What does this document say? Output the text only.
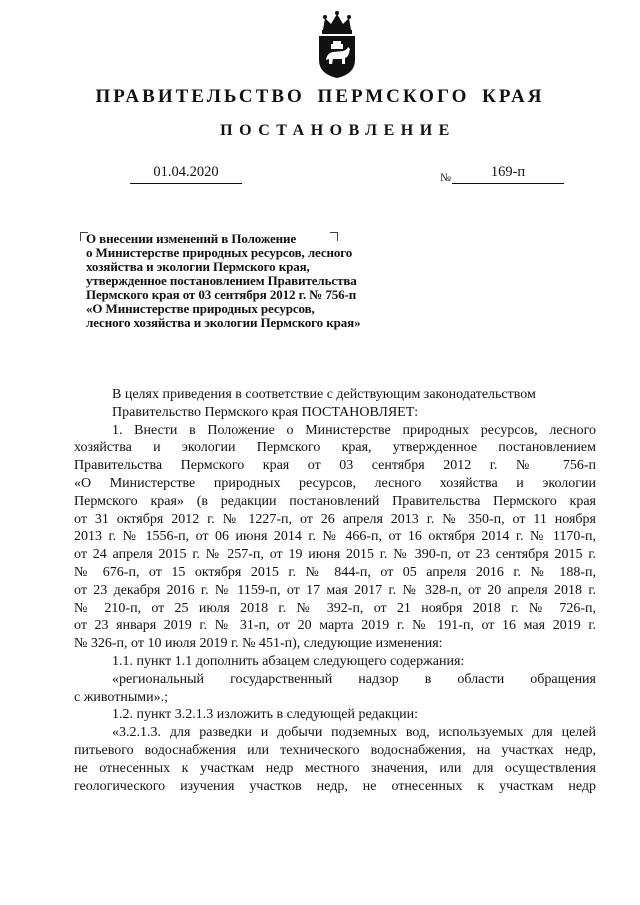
ПРАВИТЕЛЬСТВО ПЕРМСКОГО КРАЯ
ПОСТАНОВЛЕНИЕ
01.04.2020	№	169-п
О внесении изменений в Положение
о Министерстве природных ресурсов, лесного
хозяйства и экологии Пермского края,
утвержденное постановлением Правительства
Пермского края от 03 сентября 2012 г. № 756-п
«О Министерстве природных ресурсов,
лесного хозяйства и экологии Пермского края»
В целях приведения в соответствие с действующим законодательством
Правительство Пермского края ПОСТАНОВЛЯЕТ:
1. Внести в Положение о Министерстве природных ресурсов, лесного
хозяйства и экологии Пермского края, утвержденное постановлением
Правительства Пермского края от 03 сентября 2012 г. № 756-п
«О Министерстве природных ресурсов, лесного хозяйства и экологии
Пермского края» (в редакции постановлений Правительства Пермского края
от 31 октября 2012 г. № 1227-п, от 26 апреля 2013 г. № 350-п, от 11 ноября
2013 г. № 1556-п, от 06 июня 2014 г. № 466-п, от 16 октября 2014 г. № 1170-п,
от 24 апреля 2015 г. № 257-п, от 19 июня 2015 г. № 390-п, от 23 сентября 2015 г.
№ 676-п, от 15 октября 2015 г. № 844-п, от 05 апреля 2016 г. № 188-п,
от 23 декабря 2016 г. № 1159-п, от 17 мая 2017 г. № 328-п, от 20 апреля 2018 г.
№ 210-п, от 25 июля 2018 г. № 392-п, от 21 ноября 2018 г. № 726-п,
от 23 января 2019 г. № 31-п, от 20 марта 2019 г. № 191-п, от 16 мая 2019 г.
№ 326-п, от 10 июля 2019 г. № 451-п), следующие изменения:
1.1. пункт 1.1 дополнить абзацем следующего содержания:
«региональный государственный надзор в области обращения
с животными».;
1.2. пункт 3.2.1.3 изложить в следующей редакции:
«3.2.1.3. для разведки и добычи подземных вод, используемых для целей
питьевого водоснабжения или технического водоснабжения, на участках недр,
не отнесенных к участкам недр местного значения, или для осуществления
геологического изучения участков недр, не отнесенных к участкам недр
